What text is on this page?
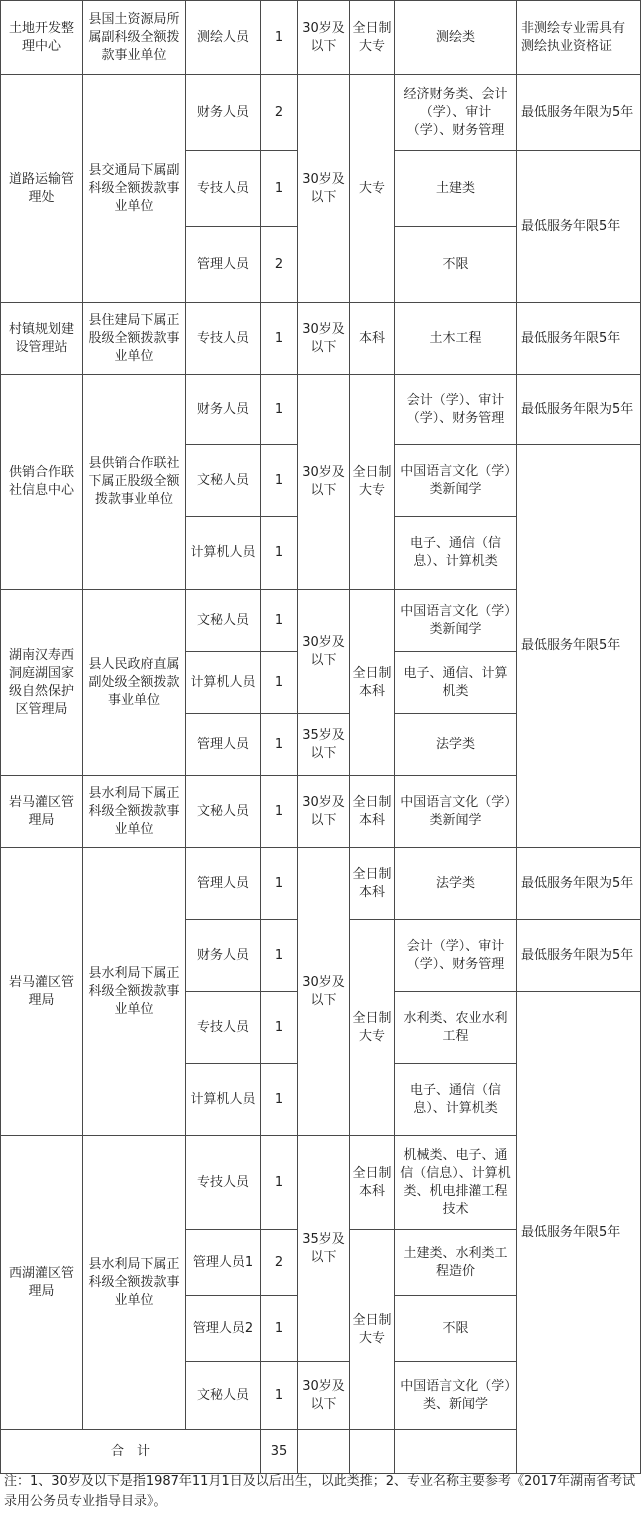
土地开发整理中心	县国土资源局所属副科级全额拨款事业单位	测绘人员	1	30岁及以下	全日制大专	测绘类	非测绘专业需具有测绘执业资格证	
道路运输管理处	县交通局下属副科级全额拨款事业单位	财务人员	2	30岁及以下	大专	经济财务类、会计（学）、审计（学）、财务管理	最低服务年限为5年	
		专技人员	1			土建类	最低服务年限5年	
		管理人员	2			不限		
村镇规划建设管理站	县住建局下属正股级全额拨款事业单位	专技人员	1	30岁及以下	本科	土木工程	最低服务年限5年	
供销合作联社信息中心	县供销合作联社下属正股级全额拨款事业单位	财务人员	1	30岁及以下	全日制大专	会计（学）、审计（学）、财务管理	最低服务年限为5年	
		文秘人员	1			中国语言文化（学）类新闻学	最低服务年限5年	
		计算机人员	1			电子、通信（信息）、计算机类		
湖南汉寿西洞庭湖国家级自然保护区管理局	县人民政府直属副处级全额拨款事业单位	文秘人员	1	30岁及以下	全日制本科	中国语言文化（学）类新闻学		
		计算机人员	1			电子、通信、计算机类		
		管理人员	1	35岁及以下		法学类		
岩马灌区管理局	县水利局下属正科级全额拨款事业单位	文秘人员	1	30岁及以下	全日制本科	中国语言文化（学）类新闻学		
岩马灌区管理局	县水利局下属正科级全额拨款事业单位	管理人员	1	30岁及以下	全日制本科	法学类	最低服务年限为5年	
		财务人员	1		全日制大专	会计（学）、审计（学）、财务管理	最低服务年限为5年	
		专技人员	1			水利类、农业水利工程	最低服务年限5年	
		计算机人员	1			电子、通信（信息）、计算机类		
西湖灌区管理局	县水利局下属正科级全额拨款事业单位	专技人员	1	35岁及以下	全日制本科	机械类、电子、通信（信息）、计算机类、机电排灌工程技术		
		管理人员1	2		全日制大专	土建类、水利类工程造价		
		管理人员2	1			不限		
		文秘人员	1	30岁及以下		中国语言文化（学）类、新闻学		
合　计			35					
注：1、30岁及以下是指1987年11月1日及以后出生，以此类推；2、专业名称主要参考《2017年湖南省考试录用公务员专业指导目录》。
